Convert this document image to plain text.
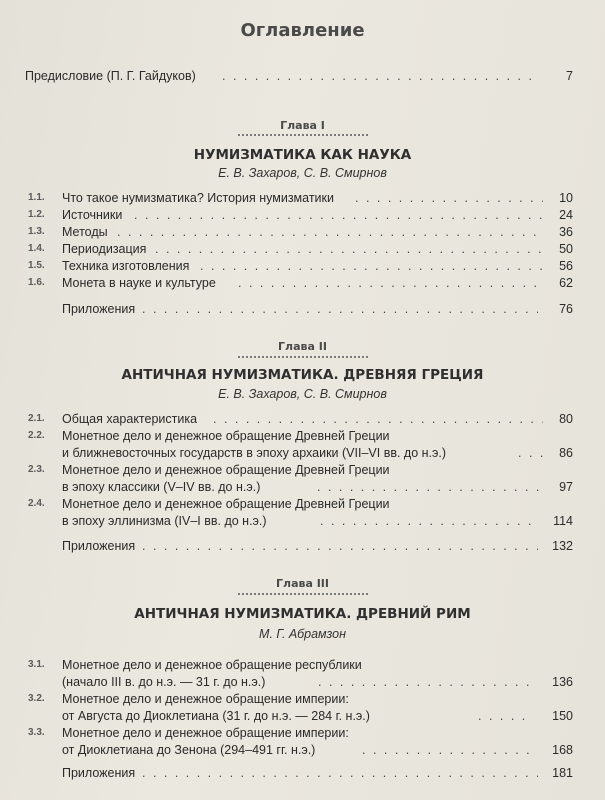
Оглавление
Предисловие (П. Г. Гайдуков) . . .	7
Глава I
НУМИЗМАТИКА КАК НАУКА
Е. В. Захаров, С. В. Смирнов
1.1. Что такое нумизматика? История нумизматики . . .	10
1.2. Источники . . .	24
1.3. Методы . . .	36
1.4. Периодизация . . .	50
1.5. Техника изготовления . . .	56
1.6. Монета в науке и культуре . . .	62
Приложения . . .	76
Глава II
АНТИЧНАЯ НУМИЗМАТИКА. ДРЕВНЯЯ ГРЕЦИЯ
Е. В. Захаров, С. В. Смирнов
2.1. Общая характеристика . . .	80
2.2. Монетное дело и денежное обращение Древней Греции
и ближневосточных государств в эпоху архаики (VII–VI вв. до н.э.) . . .	86
2.3. Монетное дело и денежное обращение Древней Греции
в эпоху классики (V–IV вв. до н.э.) . . .	97
2.4. Монетное дело и денежное обращение Древней Греции
в эпоху эллинизма (IV–I вв. до н.э.) . . .	114
Приложения . . .	132
Глава III
АНТИЧНАЯ НУМИЗМАТИКА. ДРЕВНИЙ РИМ
М. Г. Абрамзон
3.1. Монетное дело и денежное обращение республики
(начало III в. до н.э. — 31 г. до н.э.) . . .	136
3.2. Монетное дело и денежное обращение империи:
от Августа до Диоклетиана (31 г. до н.э. — 284 г. н.э.) . . .	150
3.3. Монетное дело и денежное обращение империи:
от Диоклетиана до Зенона (294–491 гг. н.э.) . . .	168
Приложения . . .	181
